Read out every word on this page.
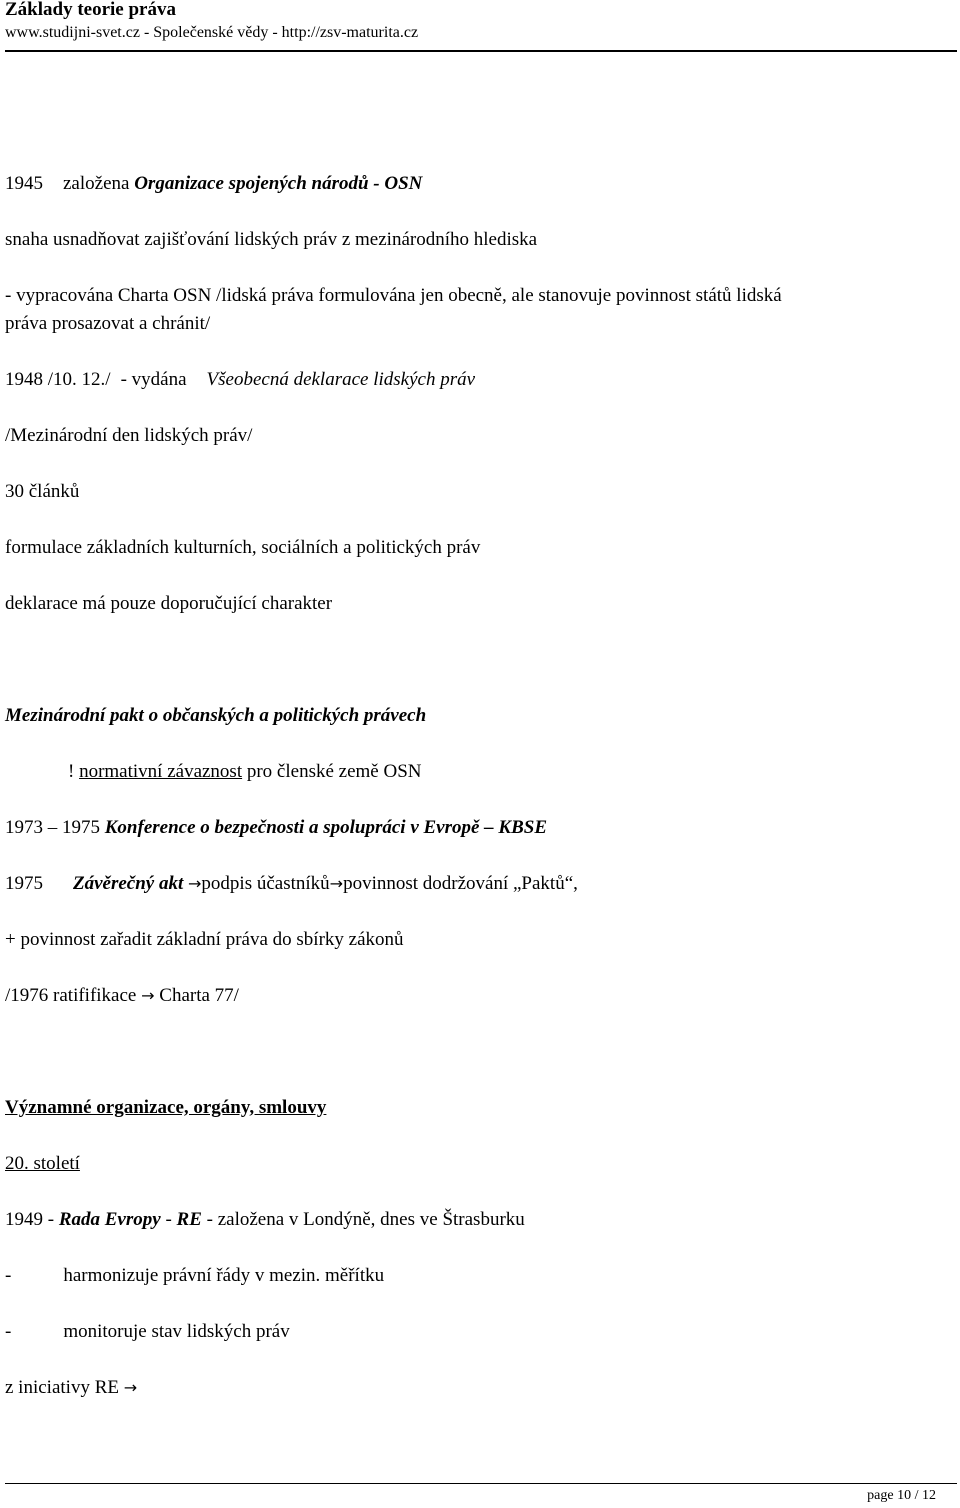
Základy teorie práva
www.studijni-svet.cz - Společenské vědy - http://zsv-maturita.cz
1945 založena Organizace spojených národů - OSN
snaha usnadňovat zajišťování lidských práv z mezinárodního hlediska
- vypracována Charta OSN /lidská práva formulována jen obecně, ale stanovuje povinnost států lidská
práva prosazovat a chránit/
1948 /10. 12./ - vydána Všeobecná deklarace lidských práv
/Mezinárodní den lidských práv/
30 článků
formulace základních kulturních, sociálních a politických práv
deklarace má pouze doporučující charakter
Mezinárodní pakt o občanských a politických právech
! normativní závaznost pro členské země OSN
1973 – 1975 Konference o bezpečnosti a spolupráci v Evropě – KBSE
1975 Závěrečný akt →podpis účastníků→povinnost dodržování „Paktů“,
+ povinnost zařadit základní práva do sbírky zákonů
/1976 ratififikace → Charta 77/
Významné organizace, orgány, smlouvy
20. století
1949 - Rada Evropy - RE - založena v Londýně, dnes ve Štrasburku
-	harmonizuje právní řády v mezin. měřítku
-	monitoruje stav lidských práv
z iniciativy RE →
page 10 / 12
